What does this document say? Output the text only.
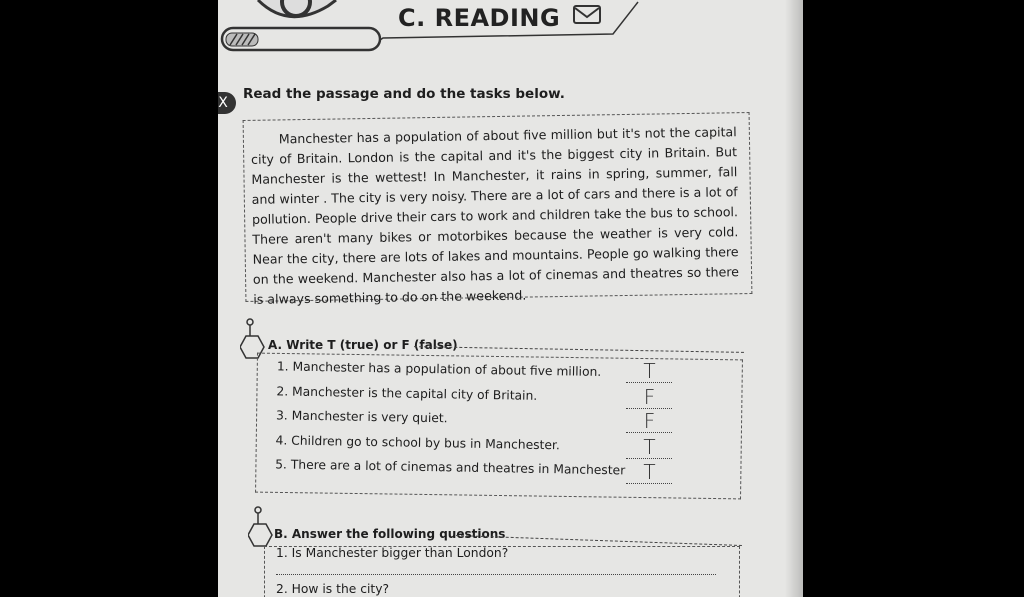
C. READING
X
Read the passage and do the tasks below.

Manchester has a population of about five million but it's not the capital city of Britain. London is the capital and it's the biggest city in Britain. But Manchester is the wettest! In Manchester, it rains in spring, summer, fall and winter . The city is very noisy. There are a lot of cars and there is a lot of pollution. People drive their cars to work and children take the bus to school. There aren't many bikes or motorbikes because the weather is very cold. Near the city, there are lots of lakes and mountains. People go walking there on the weekend. Manchester also has a lot of cinemas and theatres so there is always something to do on the weekend.

A. Write T (true) or F (false)
1. Manchester has a population of about five million.
2. Manchester is the capital city of Britain.
3. Manchester is very quiet.
4. Children go to school by bus in Manchester.
5. There are a lot of cinemas and theatres in Manchester
T
F
F
T
T
B. Answer the following questions
1. Is Manchester bigger than London?
2. How is the city?
